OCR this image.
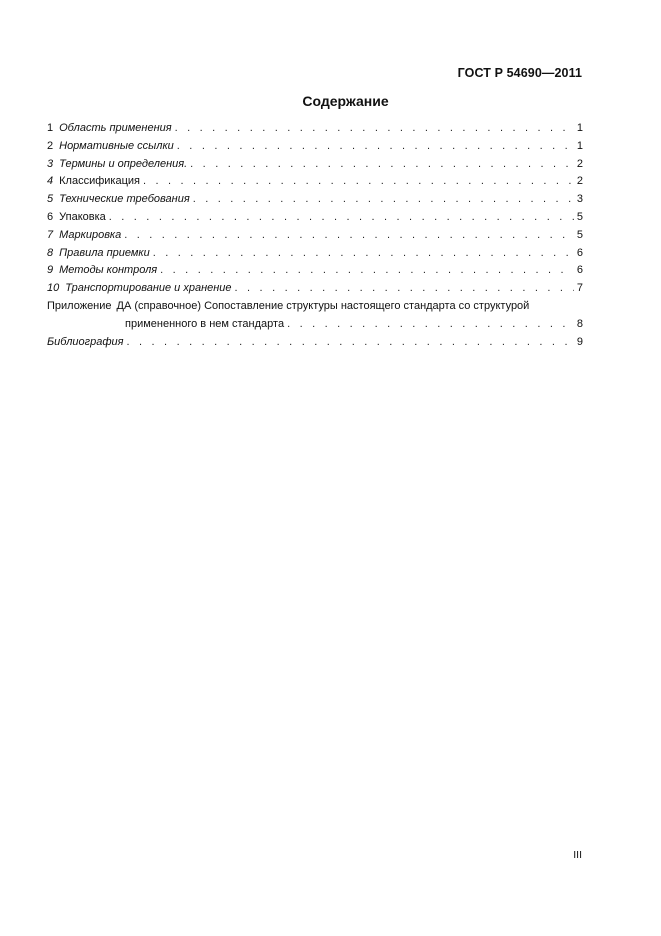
ГОСТ Р 54690—2011
Содержание
1 Область применения . . .	1
2 Нормативные ссылки . . .	1
3 Термины и определения. . . .	2
4 Классификация . . .	2
5 Технические требования . . .	3
6 Упаковка . . .	5
7 Маркировка . . .	5
8 Правила приемки . . .	6
9 Методы контроля . . .	6
10 Транспортирование и хранение . . .	7
Приложение ДА (справочное) Сопоставление структуры настоящего стандарта со структурой
примененного в нем стандарта . . .	8
Библиография . . .	9
III
